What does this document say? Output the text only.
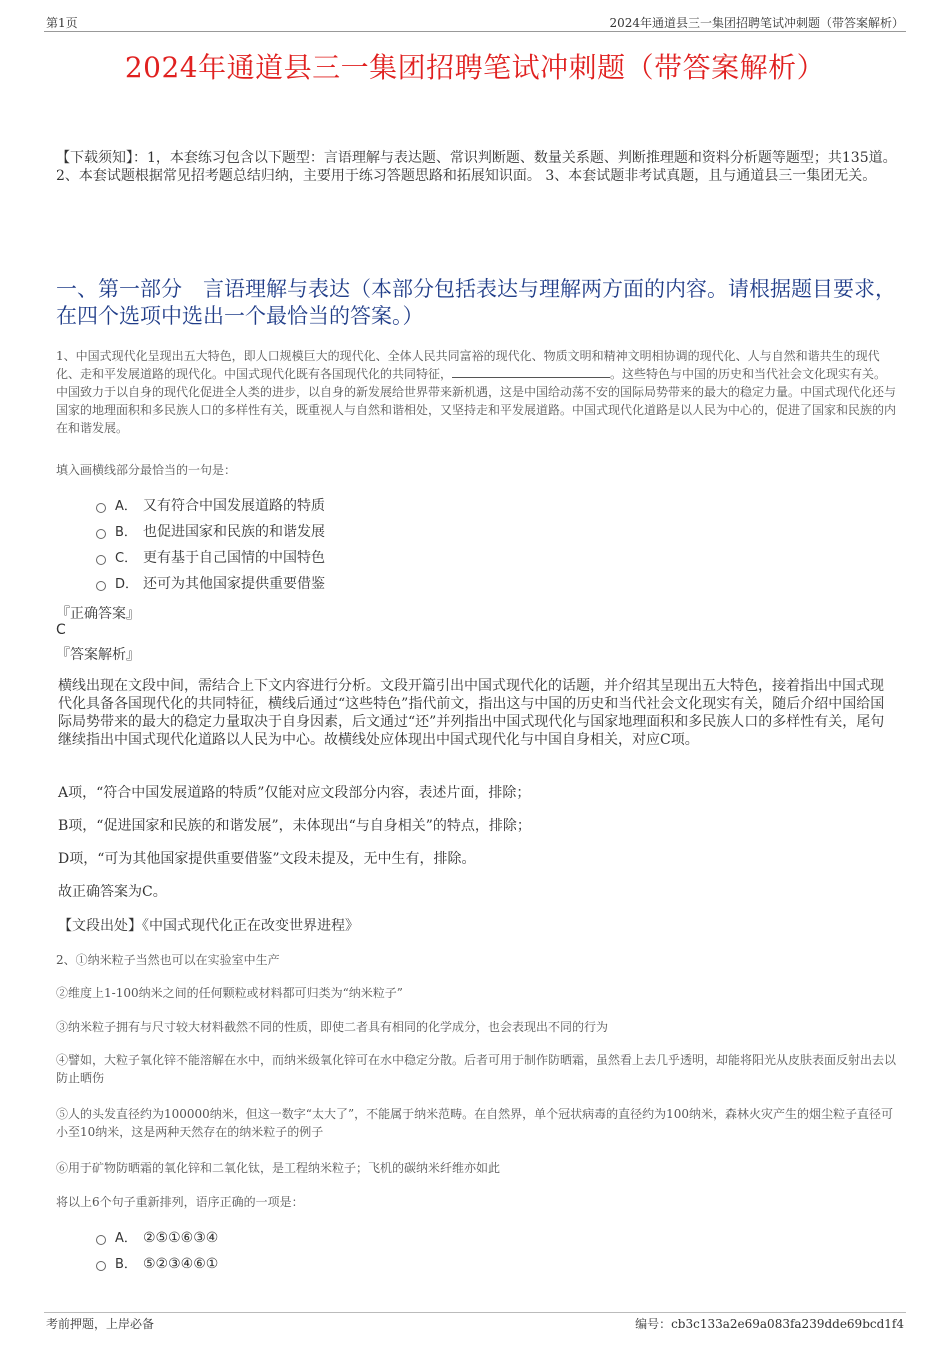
第1页	2024年通道县三一集团招聘笔试冲刺题（带答案解析）
2024年通道县三一集团招聘笔试冲刺题（带答案解析）
【下载须知】：1，本套练习包含以下题型：言语理解与表达题、常识判断题、数量关系题、判断推理题和资料分析题等题型；共135道。 2、本套试题根据常见招考题总结归纳，主要用于练习答题思路和拓展知识面。 3、本套试题非考试真题，且与通道县三一集团无关。
一、第一部分　言语理解与表达（本部分包括表达与理解两方面的内容。请根据题目要求，在四个选项中选出一个最恰当的答案。）
1、中国式现代化呈现出五大特色，即人口规模巨大的现代化、全体人民共同富裕的现代化、物质文明和精神文明相协调的现代化、人与自然和谐共生的现代化、走和平发展道路的现代化。中国式现代化既有各国现代化的共同特征，	。这些特色与中国的历史和当代社会文化现实有关。中国致力于以自身的现代化促进全人类的进步，以自身的新发展给世界带来新机遇，这是中国给动荡不安的国际局势带来的最大的稳定力量。中国式现代化还与国家的地理面积和多民族人口的多样性有关，既重视人与自然和谐相处，又坚持走和平发展道路。中国式现代化道路是以人民为中心的，促进了国家和民族的内在和谐发展。
填入画横线部分最恰当的一句是：
A． 又有符合中国发展道路的特质
B． 也促进国家和民族的和谐发展
C． 更有基于自己国情的中国特色
D． 还可为其他国家提供重要借鉴
『正确答案』
C
『答案解析』
横线出现在文段中间，需结合上下文内容进行分析。文段开篇引出中国式现代化的话题，并介绍其呈现出五大特色，接着指出中国式现代化具备各国现代化的共同特征，横线后通过“这些特色”指代前文，指出这与中国的历史和当代社会文化现实有关，随后介绍中国给国际局势带来的最大的稳定力量取决于自身因素，后文通过“还”并列指出中国式现代化与国家地理面积和多民族人口的多样性有关，尾句继续指出中国式现代化道路以人民为中心。故横线处应体现出中国式现代化与中国自身相关，对应C项。
A项，“符合中国发展道路的特质”仅能对应文段部分内容，表述片面，排除；
B项，“促进国家和民族的和谐发展”，未体现出“与自身相关”的特点，排除；
D项，“可为其他国家提供重要借鉴”文段未提及，无中生有，排除。
故正确答案为C。
【文段出处】《中国式现代化正在改变世界进程》
2、①纳米粒子当然也可以在实验室中生产
②维度上1-100纳米之间的任何颗粒或材料都可归类为“纳米粒子”
③纳米粒子拥有与尺寸较大材料截然不同的性质，即使二者具有相同的化学成分，也会表现出不同的行为
④譬如，大粒子氧化锌不能溶解在水中，而纳米级氧化锌可在水中稳定分散。后者可用于制作防晒霜，虽然看上去几乎透明，却能将阳光从皮肤表面反射出去以防止晒伤
⑤人的头发直径约为100000纳米，但这一数字“太大了”，不能属于纳米范畴。在自然界，单个冠状病毒的直径约为100纳米，森林火灾产生的烟尘粒子直径可小至10纳米，这是两种天然存在的纳米粒子的例子
⑥用于矿物防晒霜的氧化锌和二氧化钛，是工程纳米粒子；飞机的碳纳米纤维亦如此
将以上6个句子重新排列，语序正确的一项是：
A． ②⑤①⑥③④
B． ⑤②③④⑥①
考前押题，上岸必备	编号：cb3c133a2e69a083fa239dde69bcd1f4
